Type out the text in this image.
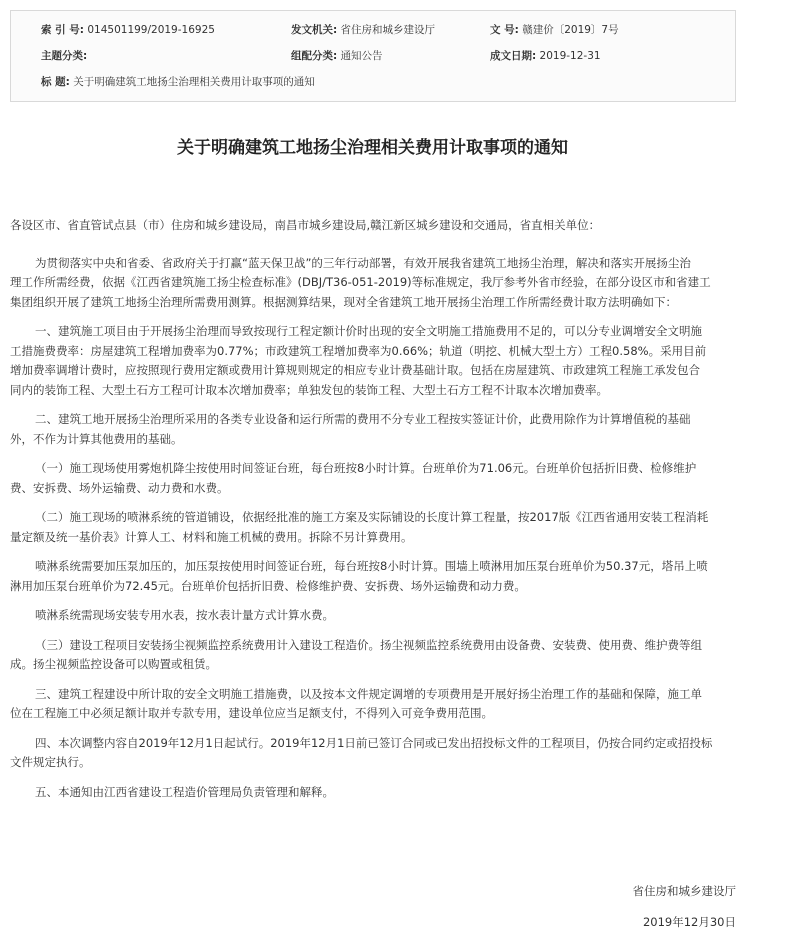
索 引 号: 014501199/2019-16925	发文机关: 省住房和城乡建设厅	文 号: 赣建价〔2019〕7号
主题分类:	组配分类: 通知公告	成文日期: 2019-12-31
标 题: 关于明确建筑工地扬尘治理相关费用计取事项的通知
关于明确建筑工地扬尘治理相关费用计取事项的通知

各设区市、省直管试点县（市）住房和城乡建设局，南昌市城乡建设局,赣江新区城乡建设和交通局，省直相关单位：

为贯彻落实中央和省委、省政府关于打赢“蓝天保卫战”的三年行动部署，有效开展我省建筑工地扬尘治理，解决和落实开展扬尘治
理工作所需经费，依据《江西省建筑施工扬尘检查标准》(DBJ/T36-051-2019)等标准规定，我厅参考外省市经验，在部分设区市和省建工
集团组织开展了建筑工地扬尘治理所需费用测算。根据测算结果，现对全省建筑工地开展扬尘治理工作所需经费计取方法明确如下：

一、建筑施工项目由于开展扬尘治理而导致按现行工程定额计价时出现的安全文明施工措施费用不足的，可以分专业调增安全文明施
工措施费费率：房屋建筑工程增加费率为0.77%；市政建筑工程增加费率为0.66%；轨道（明挖、机械大型土方）工程0.58%。采用目前
增加费率调增计费时，应按照现行费用定额或费用计算规则规定的相应专业计费基础计取。包括在房屋建筑、市政建筑工程施工承发包合
同内的装饰工程、大型土石方工程可计取本次增加费率；单独发包的装饰工程、大型土石方工程不计取本次增加费率。

二、建筑工地开展扬尘治理所采用的各类专业设备和运行所需的费用不分专业工程按实签证计价，此费用除作为计算增值税的基础
外，不作为计算其他费用的基础。

（一）施工现场使用雾炮机降尘按使用时间签证台班，每台班按8小时计算。台班单价为71.06元。台班单价包括折旧费、检修维护
费、安拆费、场外运输费、动力费和水费。

（二）施工现场的喷淋系统的管道铺设，依据经批准的施工方案及实际铺设的长度计算工程量，按2017版《江西省通用安装工程消耗
量定额及统一基价表》计算人工、材料和施工机械的费用。拆除不另计算费用。

喷淋系统需要加压泵加压的，加压泵按使用时间签证台班，每台班按8小时计算。围墙上喷淋用加压泵台班单价为50.37元，塔吊上喷
淋用加压泵台班单价为72.45元。台班单价包括折旧费、检修维护费、安拆费、场外运输费和动力费。

喷淋系统需现场安装专用水表，按水表计量方式计算水费。

（三）建设工程项目安装扬尘视频监控系统费用计入建设工程造价。扬尘视频监控系统费用由设备费、安装费、使用费、维护费等组
成。扬尘视频监控设备可以购置或租赁。

三、建筑工程建设中所计取的安全文明施工措施费，以及按本文件规定调增的专项费用是开展好扬尘治理工作的基础和保障，施工单
位在工程施工中必须足额计取并专款专用，建设单位应当足额支付，不得列入可竞争费用范围。

四、本次调整内容自2019年12月1日起试行。2019年12月1日前已签订合同或已发出招投标文件的工程项目，仍按合同约定或招投标
文件规定执行。

五、本通知由江西省建设工程造价管理局负责管理和解释。

省住房和城乡建设厅
2019年12月30日
